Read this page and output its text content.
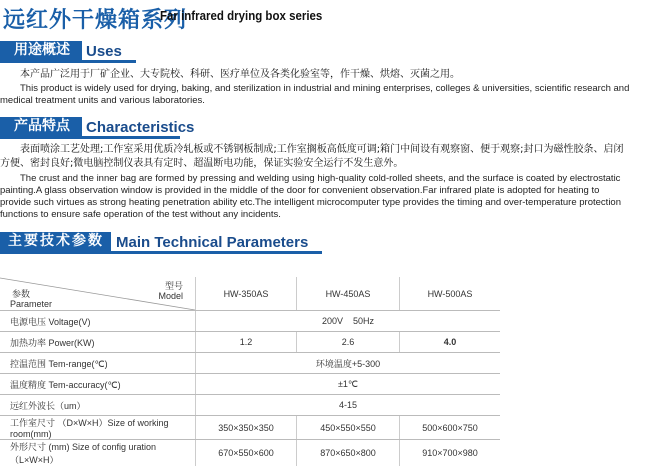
远红外干燥箱系列
Far infrared drying box series
用途概述	Uses
本产品广泛用于厂矿企业、大专院校、科研、医疗单位及各类化验室等，作干燥、烘熔、灭菌之用。
This product is widely used for drying, baking, and sterilization in industrial and mining enterprises, colleges & universities, scientific research and medical treatment units and various laboratories.
产品特点	Characteristics
表面喷涂工艺处理;工作室采用优质冷轧板或不锈钢板制成;工作室搁板高低度可调;箱门中间设有观察窗、便于观察;封口为磁性胶条、启闭方便、密封良好;微电脑控制仪表具有定时、超温断电功能，保证实验安全运行不发生意外。
The crust and the inner bag are formed by pressing and welding using high-quality cold-rolled sheets, and the surface is coated by electrostatic painting.A glass observation window is provided in the middle of the door for convenient observation.Far infrared plate is adopted for heating to provide such virtues as strong heating penetration ability etc.The intelligent microcomputer type provides the timing and over-temperature protection functions to ensure safe operation of the test without any incidents.
主要技术参数 Main Technical Parameters
参数
Parameter
型号
Model	HW-350AS	HW-450AS	HW-500AS
电源电压 Voltage(V)	200V    50Hz		
加热功率 Power(KW)	1.2	2.6	4.0
控温范围 Tem-range(℃)	环境温度+5-300		
温度精度 Tem-accuracy(℃)	±1℃		
远红外波长（um）	4-15		
工作室尺寸 （D×W×H）Size of working room(mm)	350×350×350	450×550×550	500×600×750
外形尺寸 (mm) Size of config uration（L×W×H）	670×550×600	870×650×800	910×700×980
